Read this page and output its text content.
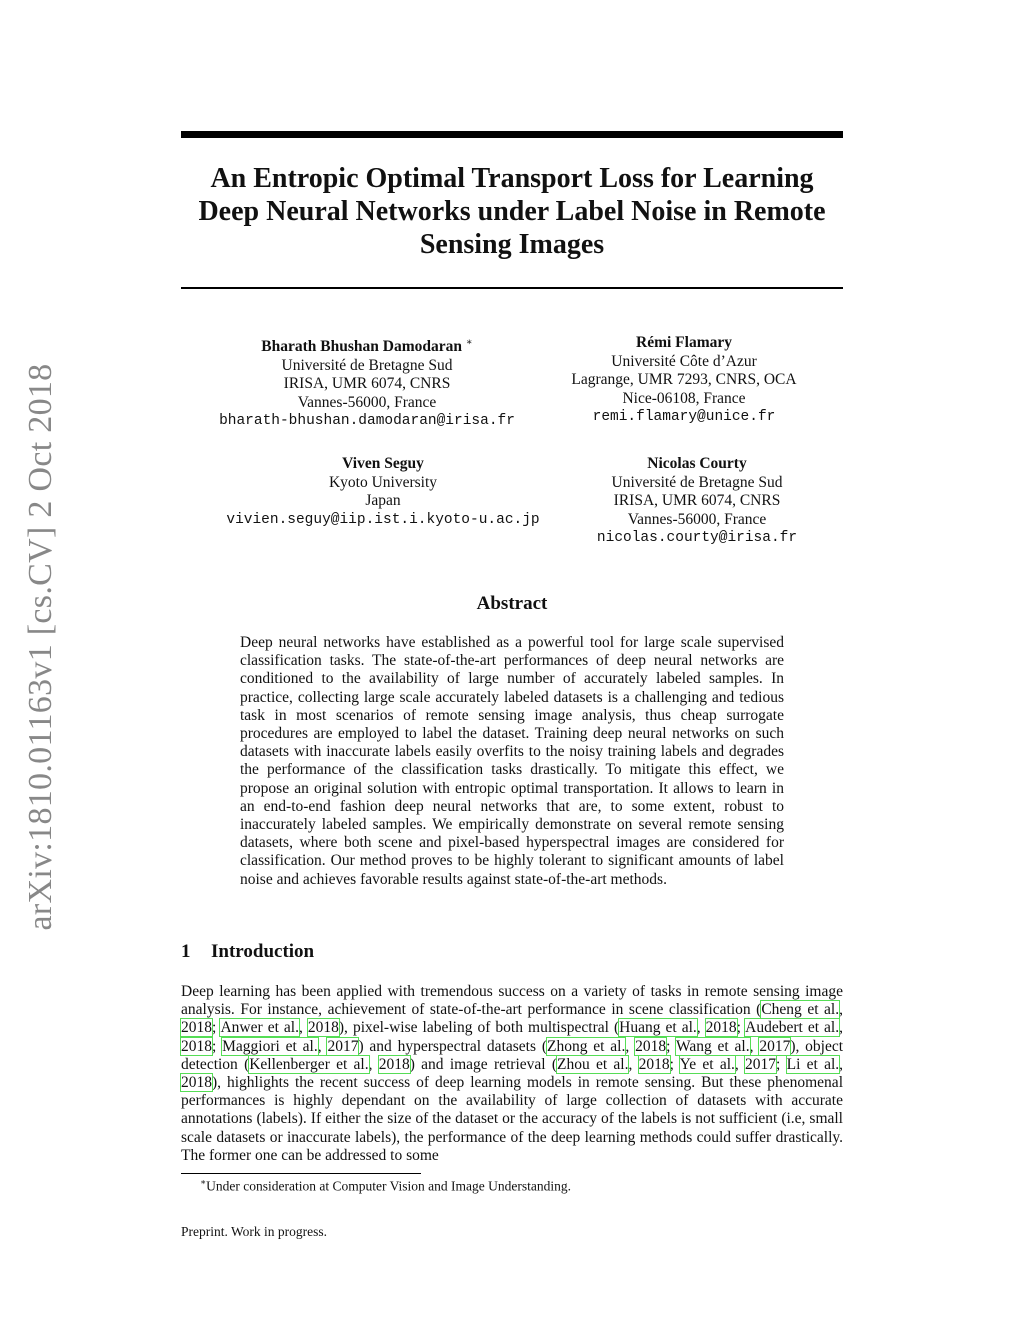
arXiv:1810.01163v1 [cs.CV] 2 Oct 2018
An Entropic Optimal Transport Loss for Learning Deep Neural Networks under Label Noise in Remote Sensing Images
Bharath Bhushan Damodaran ∗
Université de Bretagne Sud
IRISA, UMR 6074, CNRS
Vannes-56000, France
bharath-bhushan.damodaran@irisa.fr
Rémi Flamary
Université Côte d’Azur
Lagrange, UMR 7293, CNRS, OCA
Nice-06108, France
remi.flamary@unice.fr
Viven Seguy
Kyoto University
Japan
vivien.seguy@iip.ist.i.kyoto-u.ac.jp
Nicolas Courty
Université de Bretagne Sud
IRISA, UMR 6074, CNRS
Vannes-56000, France
nicolas.courty@irisa.fr
Abstract
Deep neural networks have established as a powerful tool for large scale supervised classification tasks. The state-of-the-art performances of deep neural networks are conditioned to the availability of large number of accurately labeled samples. In practice, collecting large scale accurately labeled datasets is a challenging and tedious task in most scenarios of remote sensing image analysis, thus cheap surrogate procedures are employed to label the dataset. Training deep neural networks on such datasets with inaccurate labels easily overfits to the noisy training labels and degrades the performance of the classification tasks drastically. To mitigate this effect, we propose an original solution with entropic optimal transportation. It allows to learn in an end-to-end fashion deep neural networks that are, to some extent, robust to inaccurately labeled samples. We empirically demonstrate on several remote sensing datasets, where both scene and pixel-based hyperspectral images are considered for classification. Our method proves to be highly tolerant to significant amounts of label noise and achieves favorable results against state-of-the-art methods.
1 Introduction
Deep learning has been applied with tremendous success on a variety of tasks in remote sensing image analysis. For instance, achievement of state-of-the-art performance in scene classification (Cheng et al., 2018; Anwer et al., 2018), pixel-wise labeling of both multispectral (Huang et al., 2018; Audebert et al., 2018; Maggiori et al., 2017) and hyperspectral datasets (Zhong et al., 2018; Wang et al., 2017), object detection (Kellenberger et al., 2018) and image retrieval (Zhou et al., 2018; Ye et al., 2017; Li et al., 2018), highlights the recent success of deep learning models in remote sensing. But these phenomenal performances is highly dependant on the availability of large collection of datasets with accurate annotations (labels). If either the size of the dataset or the accuracy of the labels is not sufficient (i.e, small scale datasets or inaccurate labels), the performance of the deep learning methods could suffer drastically. The former one can be addressed to some
∗Under consideration at Computer Vision and Image Understanding.
Preprint. Work in progress.
